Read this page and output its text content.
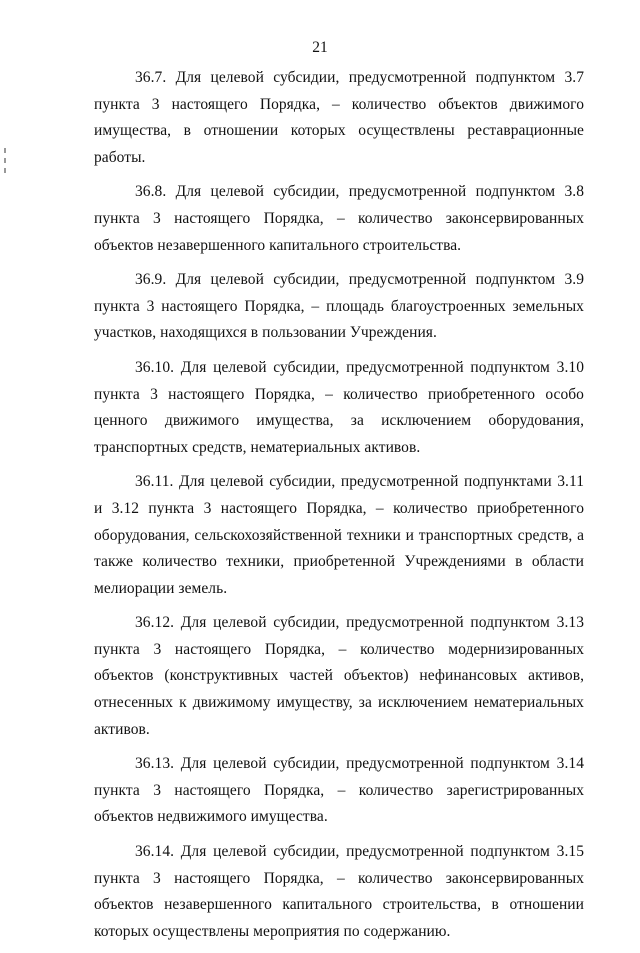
21

36.7. Для целевой субсидии, предусмотренной подпунктом 3.7 пункта 3 настоящего Порядка, – количество объектов движимого имущества, в отношении которых осуществлены реставрационные работы.

36.8. Для целевой субсидии, предусмотренной подпунктом 3.8 пункта 3 настоящего Порядка, – количество законсервированных объектов незавершенного капитального строительства.

36.9. Для целевой субсидии, предусмотренной подпунктом 3.9 пункта 3 настоящего Порядка, – площадь благоустроенных земельных участков, находящихся в пользовании Учреждения.

36.10. Для целевой субсидии, предусмотренной подпунктом 3.10 пункта 3 настоящего Порядка, – количество приобретенного особо ценного движимого имущества, за исключением оборудования, транспортных средств, нематериальных активов.

36.11. Для целевой субсидии, предусмотренной подпунктами 3.11 и 3.12 пункта 3 настоящего Порядка, – количество приобретенного оборудования, сельскохозяйственной техники и транспортных средств, а также количество техники, приобретенной Учреждениями в области мелиорации земель.

36.12. Для целевой субсидии, предусмотренной подпунктом 3.13 пункта 3 настоящего Порядка, – количество модернизированных объектов (конструктивных частей объектов) нефинансовых активов, отнесенных к движимому имуществу, за исключением нематериальных активов.

36.13. Для целевой субсидии, предусмотренной подпунктом 3.14 пункта 3 настоящего Порядка, – количество зарегистрированных объектов недвижимого имущества.

36.14. Для целевой субсидии, предусмотренной подпунктом 3.15 пункта 3 настоящего Порядка, – количество законсервированных объектов незавершенного капитального строительства, в отношении которых осуществлены мероприятия по содержанию.
